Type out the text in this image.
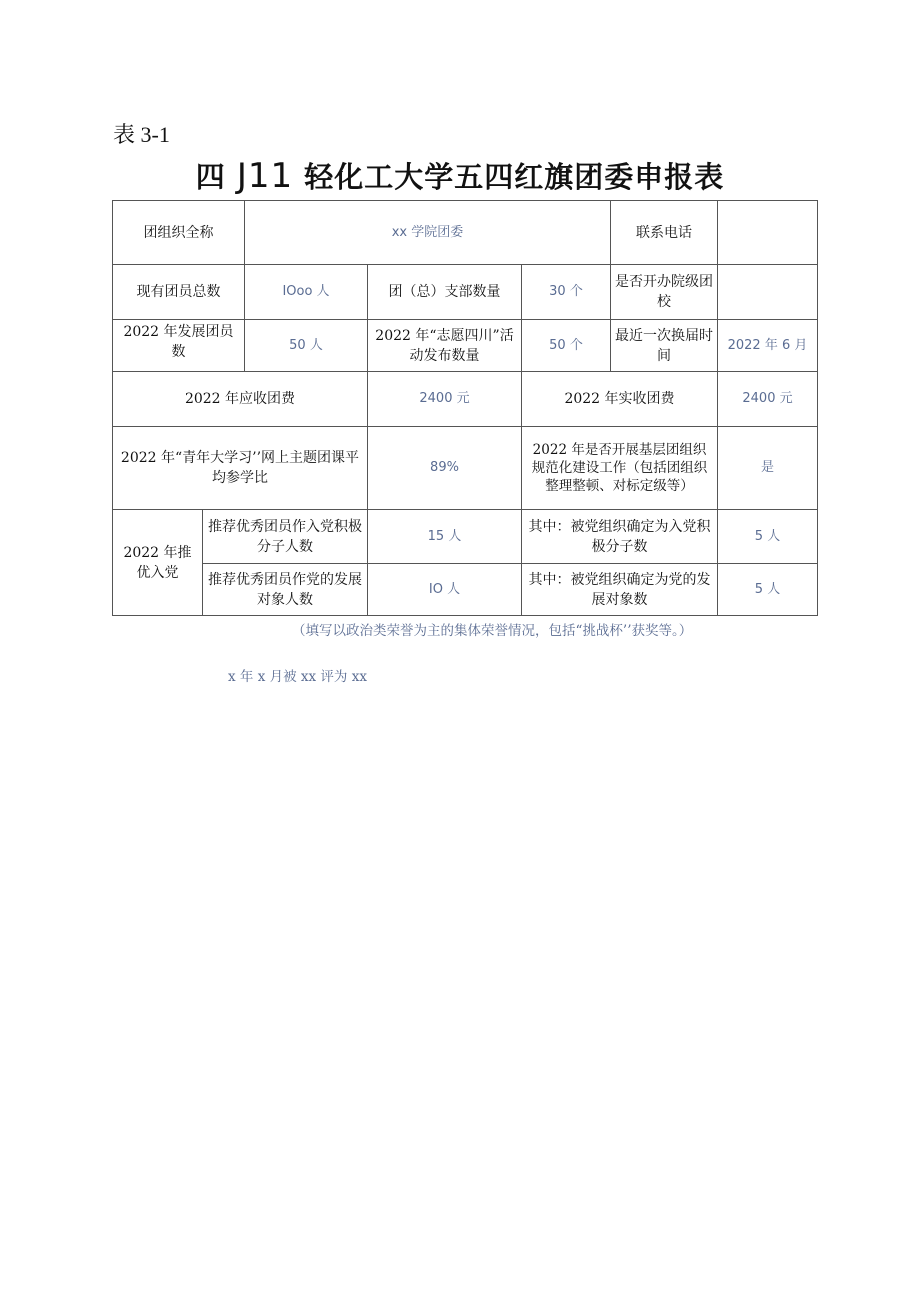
表 3-1
四 J11 轻化工大学五四红旗团委申报表
团组织全称		xx 学院团委			联系电话	
现有团员总数		IOoo 人	团（总）支部数量	30 个	是否开办院级团校	
2022 年发展团员数		50 人	2022 年“志愿四川”活动发布数量	50 个	最近一次换届时间	2022 年 6 月
2022 年应收团费			2400 元	2022 年实收团费		2400 元
2022 年“青年大学习’’网上主题团课平均参学比			89%	2022 年是否开展基层团组织规范化建设工作（包括团组织整理整顿、对标定级等）		是
2022 年推优入党	推荐优秀团员作入党积极分子人数		15 人	其中：被党组织确定为入党积极分子数		5 人
	推荐优秀团员作党的发展对象人数		IO 人	其中：被党组织确定为党的发展对象数		5 人
（填写以政治类荣誉为主的集体荣誉情况，包括“挑战杯’’获奖等。）
x 年 x 月被 xx 评为 xx
